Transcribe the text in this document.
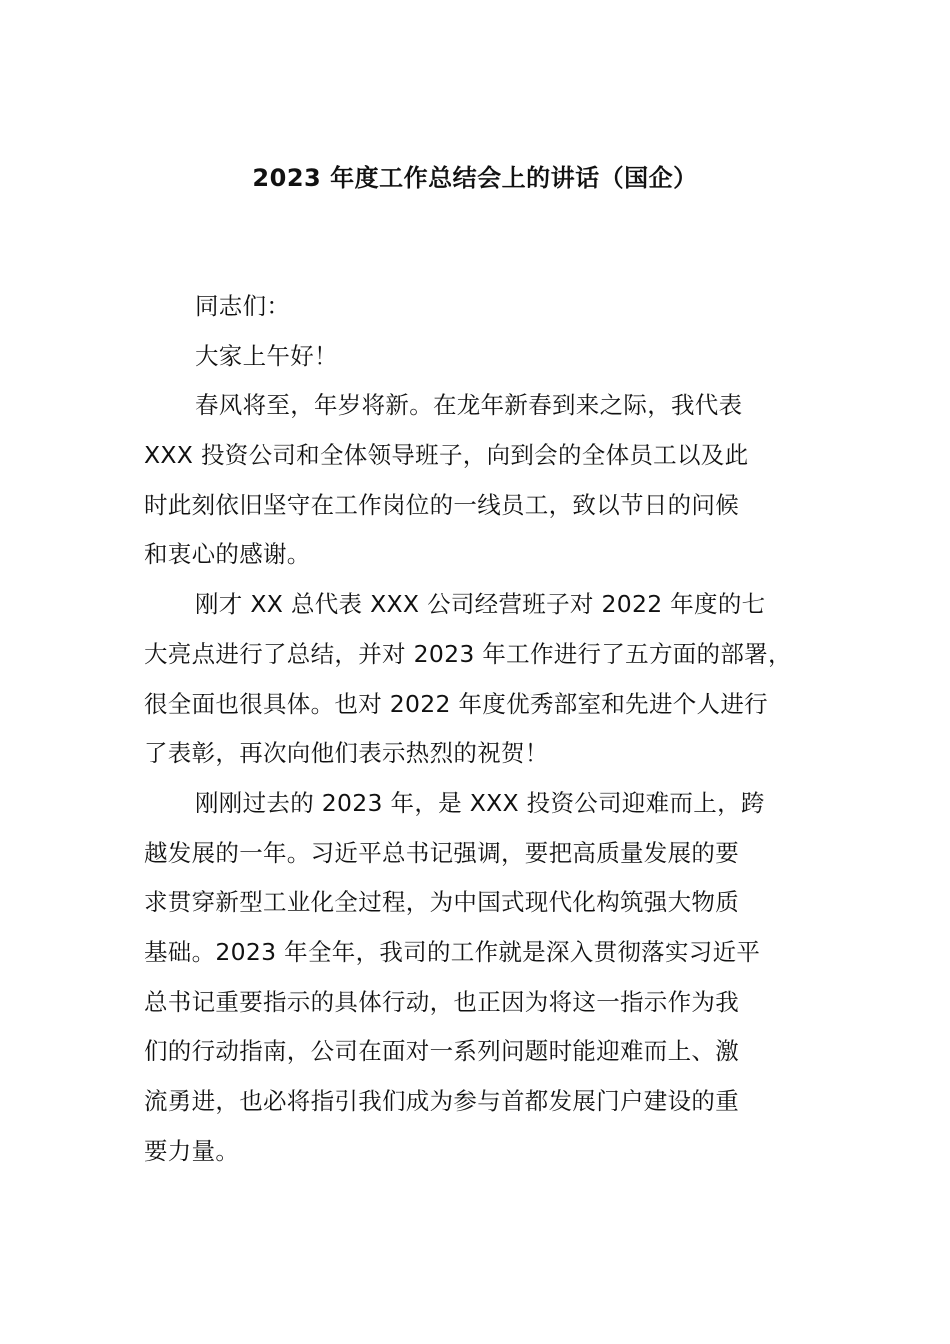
2023 年度工作总结会上的讲话（国企）
同志们：
大家上午好！
春风将至，年岁将新。在龙年新春到来之际，我代表
XXX 投资公司和全体领导班子，向到会的全体员工以及此
时此刻依旧坚守在工作岗位的一线员工，致以节日的问候
和衷心的感谢。
刚才 XX 总代表 XXX 公司经营班子对 2022 年度的七
大亮点进行了总结，并对 2023 年工作进行了五方面的部署，
很全面也很具体。也对 2022 年度优秀部室和先进个人进行
了表彰，再次向他们表示热烈的祝贺！
刚刚过去的 2023 年，是 XXX 投资公司迎难而上，跨
越发展的一年。习近平总书记强调，要把高质量发展的要
求贯穿新型工业化全过程，为中国式现代化构筑强大物质
基础。2023 年全年，我司的工作就是深入贯彻落实习近平
总书记重要指示的具体行动，也正因为将这一指示作为我
们的行动指南，公司在面对一系列问题时能迎难而上、激
流勇进，也必将指引我们成为参与首都发展门户建设的重
要力量。
